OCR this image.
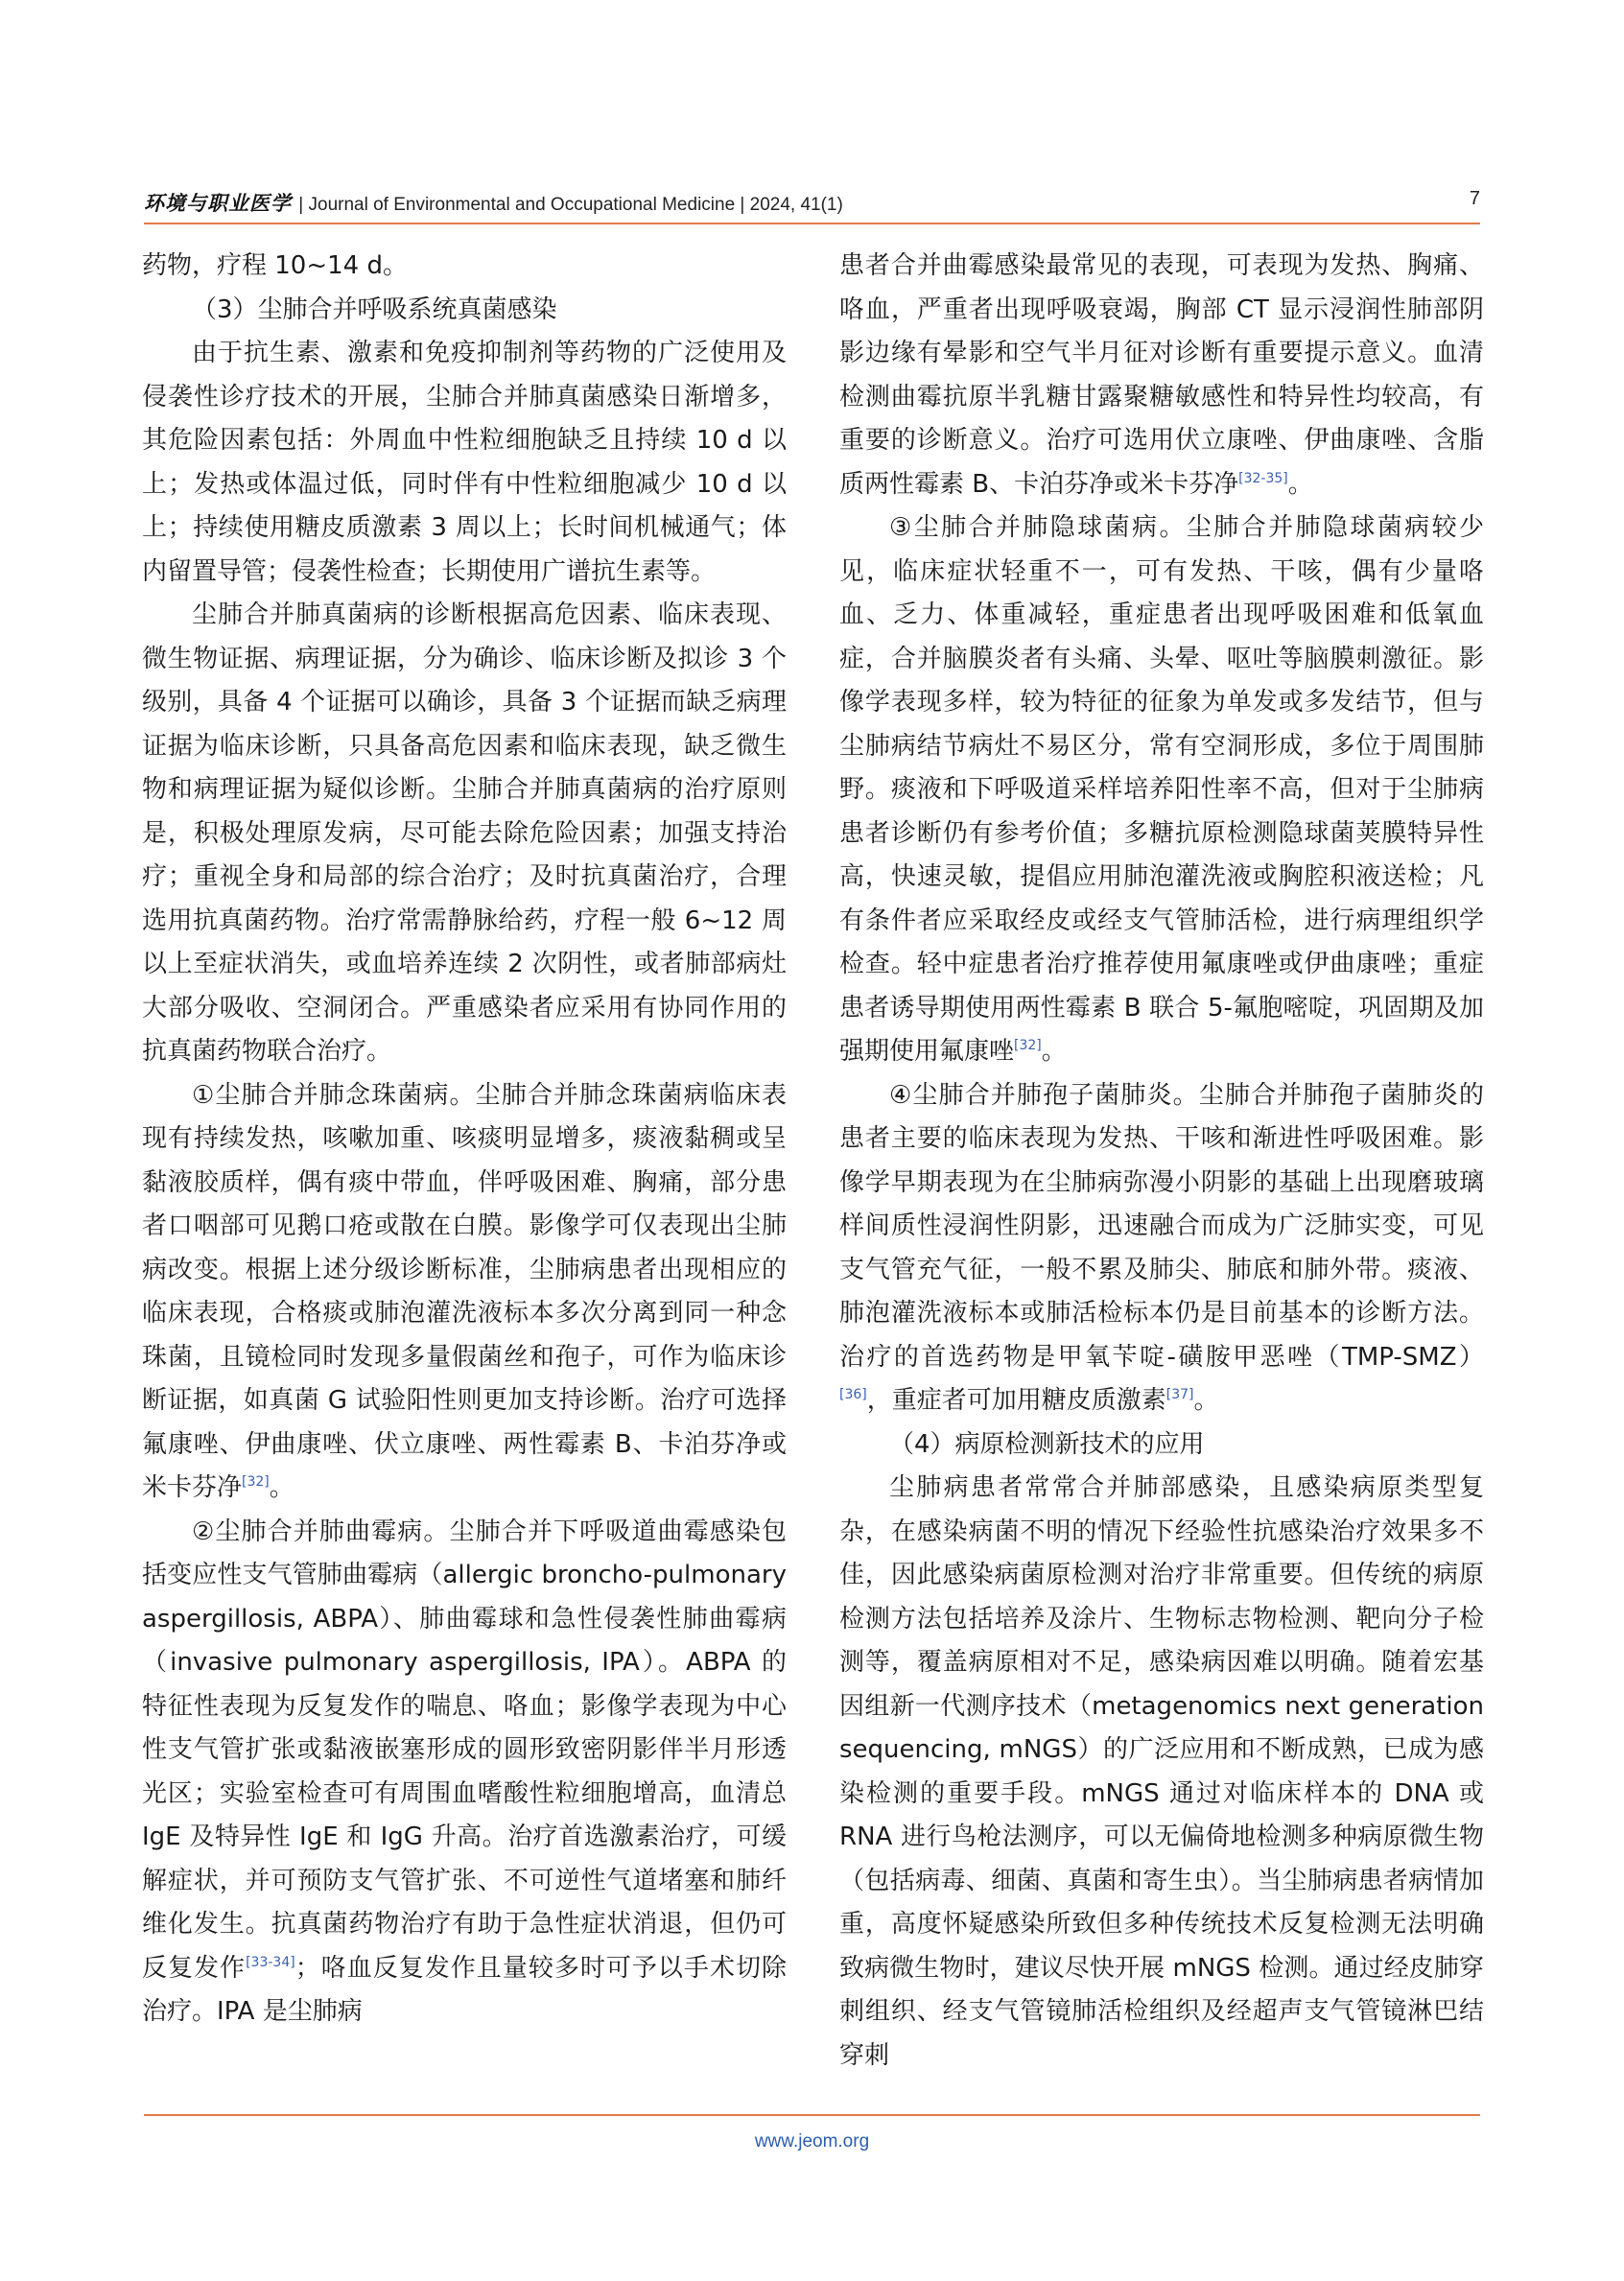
环境与职业医学 | Journal of Environmental and Occupational Medicine | 2024, 41(1)	7

药物，疗程 10~14 d。

（3）尘肺合并呼吸系统真菌感染

由于抗生素、激素和免疫抑制剂等药物的广泛使用及侵袭性诊疗技术的开展，尘肺合并肺真菌感染日渐增多，其危险因素包括：外周血中性粒细胞缺乏且持续 10 d 以上；发热或体温过低，同时伴有中性粒细胞减少 10 d 以上；持续使用糖皮质激素 3 周以上；长时间机械通气；体内留置导管；侵袭性检查；长期使用广谱抗生素等。

尘肺合并肺真菌病的诊断根据高危因素、临床表现、微生物证据、病理证据，分为确诊、临床诊断及拟诊 3 个级别，具备 4 个证据可以确诊，具备 3 个证据而缺乏病理证据为临床诊断，只具备高危因素和临床表现，缺乏微生物和病理证据为疑似诊断。尘肺合并肺真菌病的治疗原则是，积极处理原发病，尽可能去除危险因素；加强支持治疗；重视全身和局部的综合治疗；及时抗真菌治疗，合理选用抗真菌药物。治疗常需静脉给药，疗程一般 6~12 周以上至症状消失，或血培养连续 2 次阴性，或者肺部病灶大部分吸收、空洞闭合。严重感染者应采用有协同作用的抗真菌药物联合治疗。

①尘肺合并肺念珠菌病。尘肺合并肺念珠菌病临床表现有持续发热，咳嗽加重、咳痰明显增多，痰液黏稠或呈黏液胶质样，偶有痰中带血，伴呼吸困难、胸痛，部分患者口咽部可见鹅口疮或散在白膜。影像学可仅表现出尘肺病改变。根据上述分级诊断标准，尘肺病患者出现相应的临床表现，合格痰或肺泡灌洗液标本多次分离到同一种念珠菌，且镜检同时发现多量假菌丝和孢子，可作为临床诊断证据，如真菌 G 试验阳性则更加支持诊断。治疗可选择氟康唑、伊曲康唑、伏立康唑、两性霉素 B、卡泊芬净或米卡芬净[32]。

②尘肺合并肺曲霉病。尘肺合并下呼吸道曲霉感染包括变应性支气管肺曲霉病（allergic broncho-pulmonary aspergillosis, ABPA）、肺曲霉球和急性侵袭性肺曲霉病（invasive pulmonary aspergillosis, IPA）。ABPA 的特征性表现为反复发作的喘息、咯血；影像学表现为中心性支气管扩张或黏液嵌塞形成的圆形致密阴影伴半月形透光区；实验室检查可有周围血嗜酸性粒细胞增高，血清总 IgE 及特异性 IgE 和 IgG 升高。治疗首选激素治疗，可缓解症状，并可预防支气管扩张、不可逆性气道堵塞和肺纤维化发生。抗真菌药物治疗有助于急性症状消退，但仍可反复发作[33-34]；咯血反复发作且量较多时可予以手术切除治疗。IPA 是尘肺病

患者合并曲霉感染最常见的表现，可表现为发热、胸痛、咯血，严重者出现呼吸衰竭，胸部 CT 显示浸润性肺部阴影边缘有晕影和空气半月征对诊断有重要提示意义。血清检测曲霉抗原半乳糖甘露聚糖敏感性和特异性均较高，有重要的诊断意义。治疗可选用伏立康唑、伊曲康唑、含脂质两性霉素 B、卡泊芬净或米卡芬净[32-35]。

③尘肺合并肺隐球菌病。尘肺合并肺隐球菌病较少见，临床症状轻重不一，可有发热、干咳，偶有少量咯血、乏力、体重减轻，重症患者出现呼吸困难和低氧血症，合并脑膜炎者有头痛、头晕、呕吐等脑膜刺激征。影像学表现多样，较为特征的征象为单发或多发结节，但与尘肺病结节病灶不易区分，常有空洞形成，多位于周围肺野。痰液和下呼吸道采样培养阳性率不高，但对于尘肺病患者诊断仍有参考价值；多糖抗原检测隐球菌荚膜特异性高，快速灵敏，提倡应用肺泡灌洗液或胸腔积液送检；凡有条件者应采取经皮或经支气管肺活检，进行病理组织学检查。轻中症患者治疗推荐使用氟康唑或伊曲康唑；重症患者诱导期使用两性霉素 B 联合 5-氟胞嘧啶，巩固期及加强期使用氟康唑[32]。

④尘肺合并肺孢子菌肺炎。尘肺合并肺孢子菌肺炎的患者主要的临床表现为发热、干咳和渐进性呼吸困难。影像学早期表现为在尘肺病弥漫小阴影的基础上出现磨玻璃样间质性浸润性阴影，迅速融合而成为广泛肺实变，可见支气管充气征，一般不累及肺尖、肺底和肺外带。痰液、肺泡灌洗液标本或肺活检标本仍是目前基本的诊断方法。治疗的首选药物是甲氧苄啶-磺胺甲恶唑（TMP-SMZ）[36]，重症者可加用糖皮质激素[37]。

（4）病原检测新技术的应用

尘肺病患者常常合并肺部感染，且感染病原类型复杂，在感染病菌不明的情况下经验性抗感染治疗效果多不佳，因此感染病菌原检测对治疗非常重要。但传统的病原检测方法包括培养及涂片、生物标志物检测、靶向分子检测等，覆盖病原相对不足，感染病因难以明确。随着宏基因组新一代测序技术（metagenomics next generation sequencing, mNGS）的广泛应用和不断成熟，已成为感染检测的重要手段。mNGS 通过对临床样本的 DNA 或 RNA 进行鸟枪法测序，可以无偏倚地检测多种病原微生物（包括病毒、细菌、真菌和寄生虫）。当尘肺病患者病情加重，高度怀疑感染所致但多种传统技术反复检测无法明确致病微生物时，建议尽快开展 mNGS 检测。通过经皮肺穿刺组织、经支气管镜肺活检组织及经超声支气管镜淋巴结穿刺

www.jeom.org
